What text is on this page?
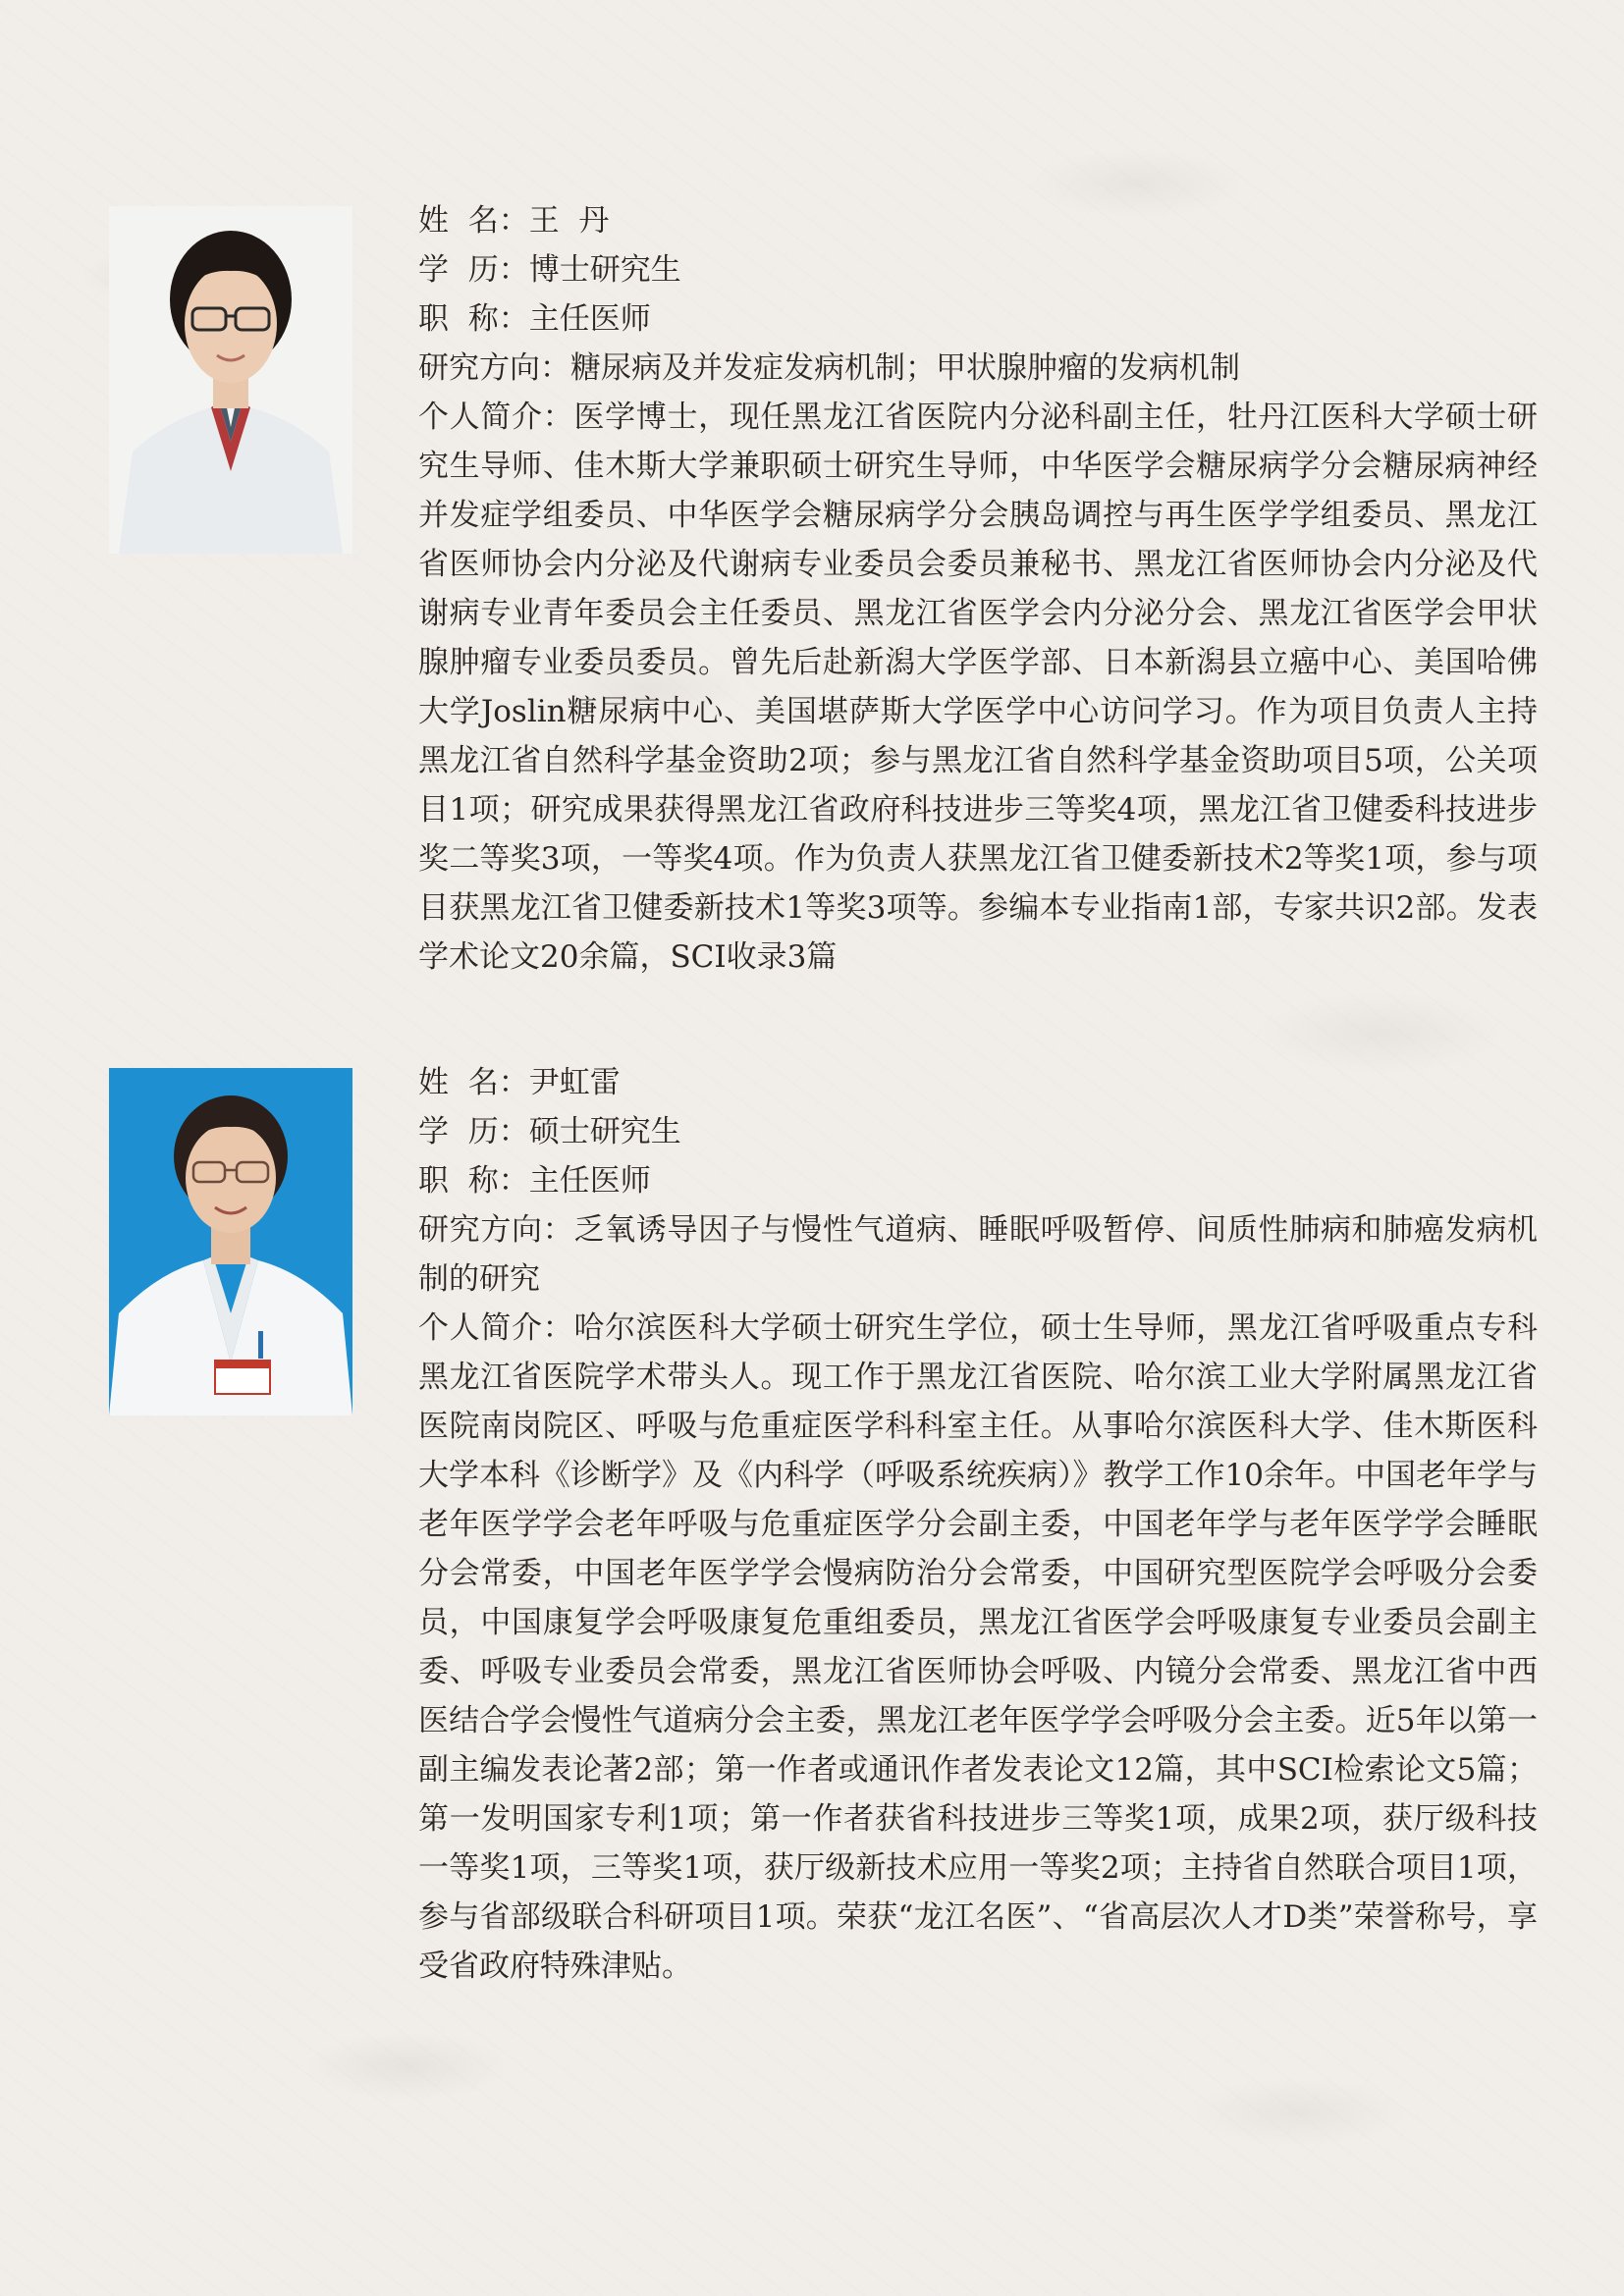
姓  名：王  丹
学  历：博士研究生
职  称：主任医师
研究方向：糖尿病及并发症发病机制；甲状腺肿瘤的发病机制
个人简介：医学博士，现任黑龙江省医院内分泌科副主任，牡丹江医科大学硕士研究生导师、佳木斯大学兼职硕士研究生导师，中华医学会糖尿病学分会糖尿病神经并发症学组委员、中华医学会糖尿病学分会胰岛调控与再生医学学组委员、黑龙江省医师协会内分泌及代谢病专业委员会委员兼秘书、黑龙江省医师协会内分泌及代谢病专业青年委员会主任委员、黑龙江省医学会内分泌分会、黑龙江省医学会甲状腺肿瘤专业委员委员。曾先后赴新潟大学医学部、日本新潟县立癌中心、美国哈佛大学Joslin糖尿病中心、美国堪萨斯大学医学中心访问学习。作为项目负责人主持黑龙江省自然科学基金资助2项；参与黑龙江省自然科学基金资助项目5项，公关项目1项；研究成果获得黑龙江省政府科技进步三等奖4项，黑龙江省卫健委科技进步奖二等奖3项，一等奖4项。作为负责人获黑龙江省卫健委新技术2等奖1项，参与项目获黑龙江省卫健委新技术1等奖3项等。参编本专业指南1部，专家共识2部。发表学术论文20余篇，SCI收录3篇
姓  名：尹虹雷
学  历：硕士研究生
职  称：主任医师
研究方向：乏氧诱导因子与慢性气道病、睡眠呼吸暂停、间质性肺病和肺癌发病机制的研究
个人简介：哈尔滨医科大学硕士研究生学位，硕士生导师，黑龙江省呼吸重点专科黑龙江省医院学术带头人。现工作于黑龙江省医院、哈尔滨工业大学附属黑龙江省医院南岗院区、呼吸与危重症医学科科室主任。从事哈尔滨医科大学、佳木斯医科大学本科《诊断学》及《内科学（呼吸系统疾病）》教学工作10余年。中国老年学与老年医学学会老年呼吸与危重症医学分会副主委，中国老年学与老年医学学会睡眠分会常委，中国老年医学学会慢病防治分会常委，中国研究型医院学会呼吸分会委员，中国康复学会呼吸康复危重组委员，黑龙江省医学会呼吸康复专业委员会副主委、呼吸专业委员会常委，黑龙江省医师协会呼吸、内镜分会常委、黑龙江省中西医结合学会慢性气道病分会主委，黑龙江老年医学学会呼吸分会主委。近5年以第一副主编发表论著2部；第一作者或通讯作者发表论文12篇，其中SCI检索论文5篇；第一发明国家专利1项；第一作者获省科技进步三等奖1项，成果2项，获厅级科技一等奖1项，三等奖1项，获厅级新技术应用一等奖2项；主持省自然联合项目1项，参与省部级联合科研项目1项。荣获“龙江名医”、“省高层次人才D类”荣誉称号，享受省政府特殊津贴。
